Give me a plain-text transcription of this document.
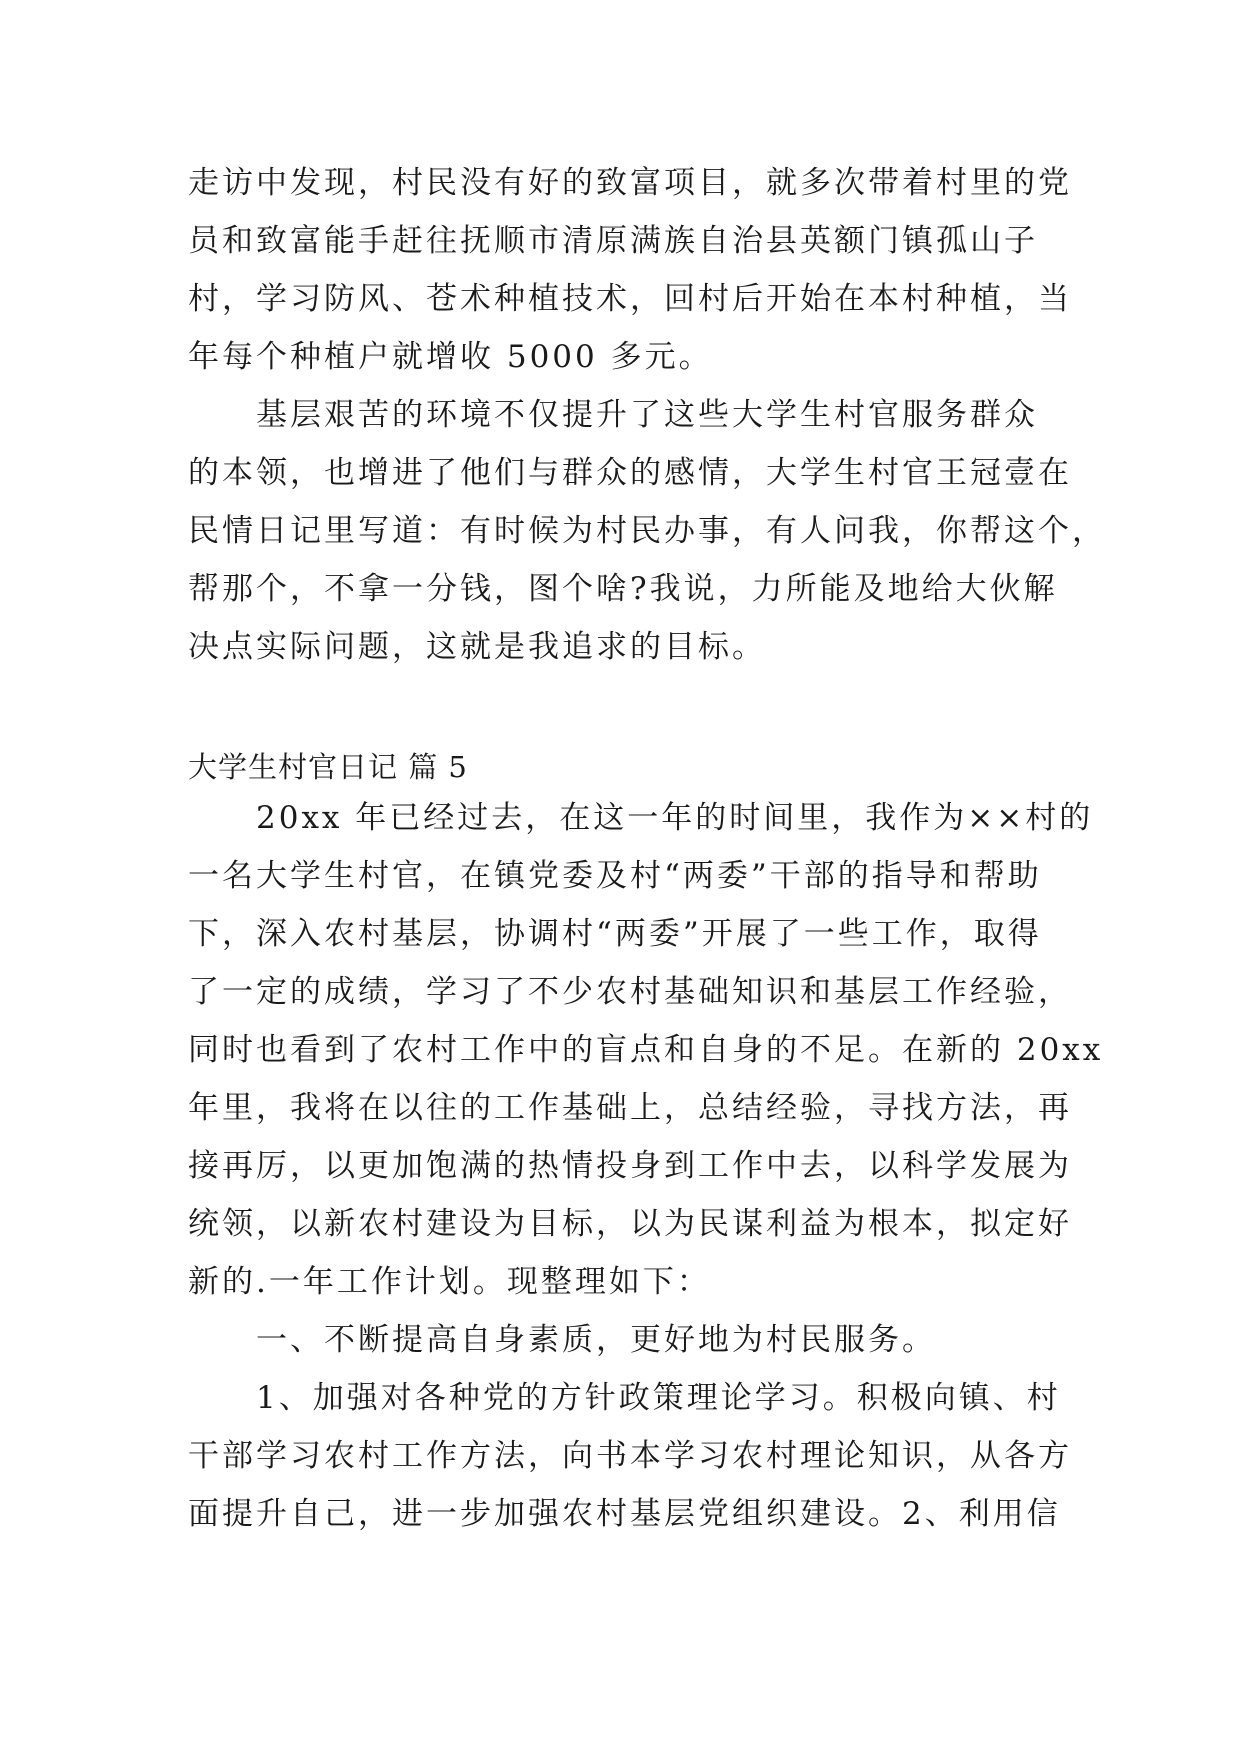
走访中发现，村民没有好的致富项目，就多次带着村里的党
员和致富能手赶往抚顺市清原满族自治县英额门镇孤山子
村，学习防风、苍术种植技术，回村后开始在本村种植，当
年每个种植户就增收 5000 多元。
　　基层艰苦的环境不仅提升了这些大学生村官服务群众
的本领，也增进了他们与群众的感情，大学生村官王冠壹在
民情日记里写道：有时候为村民办事，有人问我，你帮这个，
帮那个，不拿一分钱，图个啥?我说，力所能及地给大伙解
决点实际问题，这就是我追求的目标。
大学生村官日记 篇 5
　　20xx 年已经过去，在这一年的时间里，我作为××村的
一名大学生村官，在镇党委及村“两委”干部的指导和帮助
下，深入农村基层，协调村“两委”开展了一些工作，取得
了一定的成绩，学习了不少农村基础知识和基层工作经验，
同时也看到了农村工作中的盲点和自身的不足。在新的 20xx
年里，我将在以往的工作基础上，总结经验，寻找方法，再
接再厉，以更加饱满的热情投身到工作中去，以科学发展为
统领，以新农村建设为目标，以为民谋利益为根本，拟定好
新的.一年工作计划。现整理如下：
　　一、不断提高自身素质，更好地为村民服务。
　　1、加强对各种党的方针政策理论学习。积极向镇、村
干部学习农村工作方法，向书本学习农村理论知识，从各方
面提升自己，进一步加强农村基层党组织建设。2、利用信
